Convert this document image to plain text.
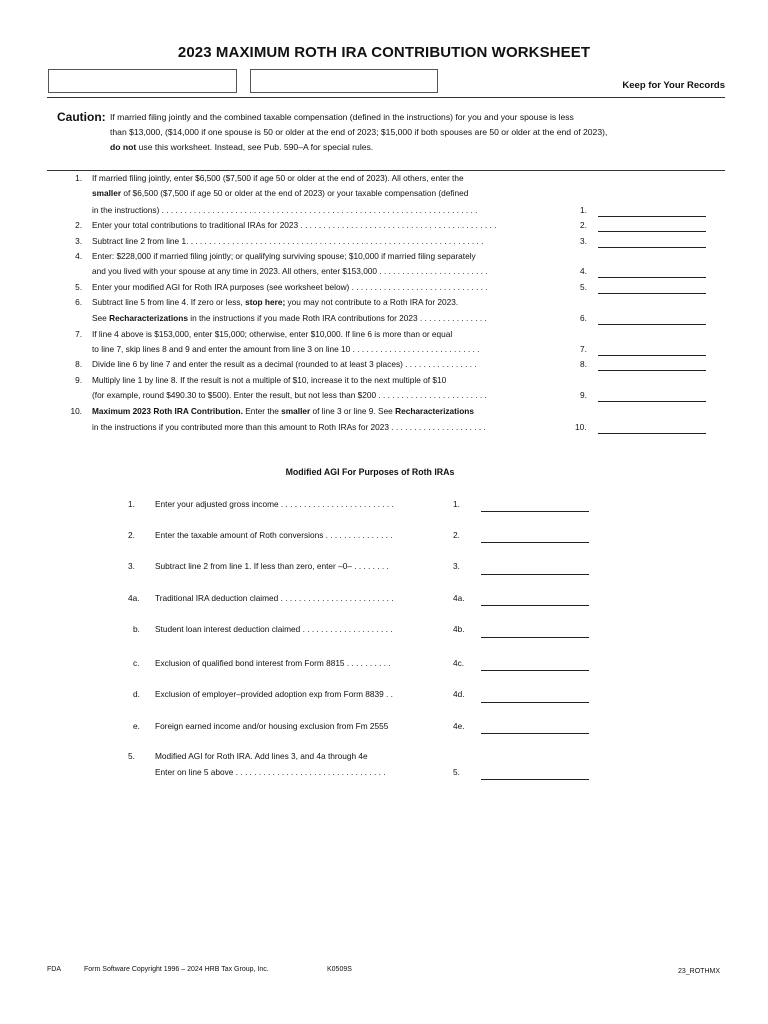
2023 MAXIMUM ROTH IRA CONTRIBUTION WORKSHEET
Keep for Your Records
Caution: If married filing jointly and the combined taxable compensation (defined in the instructions) for you and your spouse is less
than $13,000, ($14,000 if one spouse is 50 or older at the end of 2023; $15,000 if both spouses are 50 or older at the end of 2023),
do not use this worksheet. Instead, see Pub. 590–A for special rules.
1. If married filing jointly, enter $6,500 ($7,500 if age 50 or older at the end of 2023). All others, enter the
smaller of $6,500 ($7,500 if age 50 or older at the end of 2023) or your taxable compensation (defined
in the instructions) . . . . . . . . . . . . . . . . . . . . . . . . . . . . . . . . . . . . . . . . . . . . . . . . . . . . . . . . . . . . . . . . . . . . .	1.
2. Enter your total contributions to traditional IRAs for 2023 . . . . . . . . . . . . . . . . . . . . . . . . . . . . . . . . . . . . . . . . . . .	2.
3. Subtract line 2 from line 1. . . . . . . . . . . . . . . . . . . . . . . . . . . . . . . . . . . . . . . . . . . . . . . . . . . . . . . . . . . . . . . . .	3.
4. Enter: $228,000 if married filing jointly; or qualifying surviving spouse; $10,000 if married filing separately
and you lived with your spouse at any time in 2023. All others, enter $153,000 . . . . . . . . . . . . . . . . . . . . . . . .	4.
5. Enter your modified AGI for Roth IRA purposes (see worksheet below) . . . . . . . . . . . . . . . . . . . . . . . . . . . . . .	5.
6. Subtract line 5 from line 4. If zero or less, stop here; you may not contribute to a Roth IRA for 2023.
See Recharacterizations in the instructions if you made Roth IRA contributions for 2023 . . . . . . . . . . . . . . .	6.
7. If line 4 above is $153,000, enter $15,000; otherwise, enter $10,000. If line 6 is more than or equal
to line 7, skip lines 8 and 9 and enter the amount from line 3 on line 10 . . . . . . . . . . . . . . . . . . . . . . . . . . . .	7.
8. Divide line 6 by line 7 and enter the result as a decimal (rounded to at least 3 places) . . . . . . . . . . . . . . . .	8.
9. Multiply line 1 by line 8. If the result is not a multiple of $10, increase it to the next multiple of $10
(for example, round $490.30 to $500). Enter the result, but not less than $200 . . . . . . . . . . . . . . . . . . . . . . . .	9.
10. Maximum 2023 Roth IRA Contribution. Enter the smaller of line 3 or line 9. See Recharacterizations
in the instructions if you contributed more than this amount to Roth IRAs for 2023 . . . . . . . . . . . . . . . . . . . . .	10.
Modified AGI For Purposes of Roth IRAs
1. Enter your adjusted gross income . . . . . . . . . . . . . . . . . . . . . . . . .	1.
2. Enter the taxable amount of Roth conversions . . . . . . . . . . . . . . .	2.
3. Subtract line 2 from line 1. If less than zero, enter –0– . . . . . . . .	3.
4a. Traditional IRA deduction claimed . . . . . . . . . . . . . . . . . . . . . . . . .	4a.
b. Student loan interest deduction claimed . . . . . . . . . . . . . . . . . . . .	4b.
c. Exclusion of qualified bond interest from Form 8815 . . . . . . . . . .	4c.
d. Exclusion of employer–provided adoption exp from Form 8839 . .	4d.
e. Foreign earned income and/or housing exclusion from Fm 2555	4e.
5. Modified AGI for Roth IRA. Add lines 3, and 4a through 4e
Enter on line 5 above . . . . . . . . . . . . . . . . . . . . . . . . . . . . . . . . .	5.
FDA	Form Software Copyright 1996 – 2024 HRB Tax Group, Inc.	K0509S	23_ROTHMX
